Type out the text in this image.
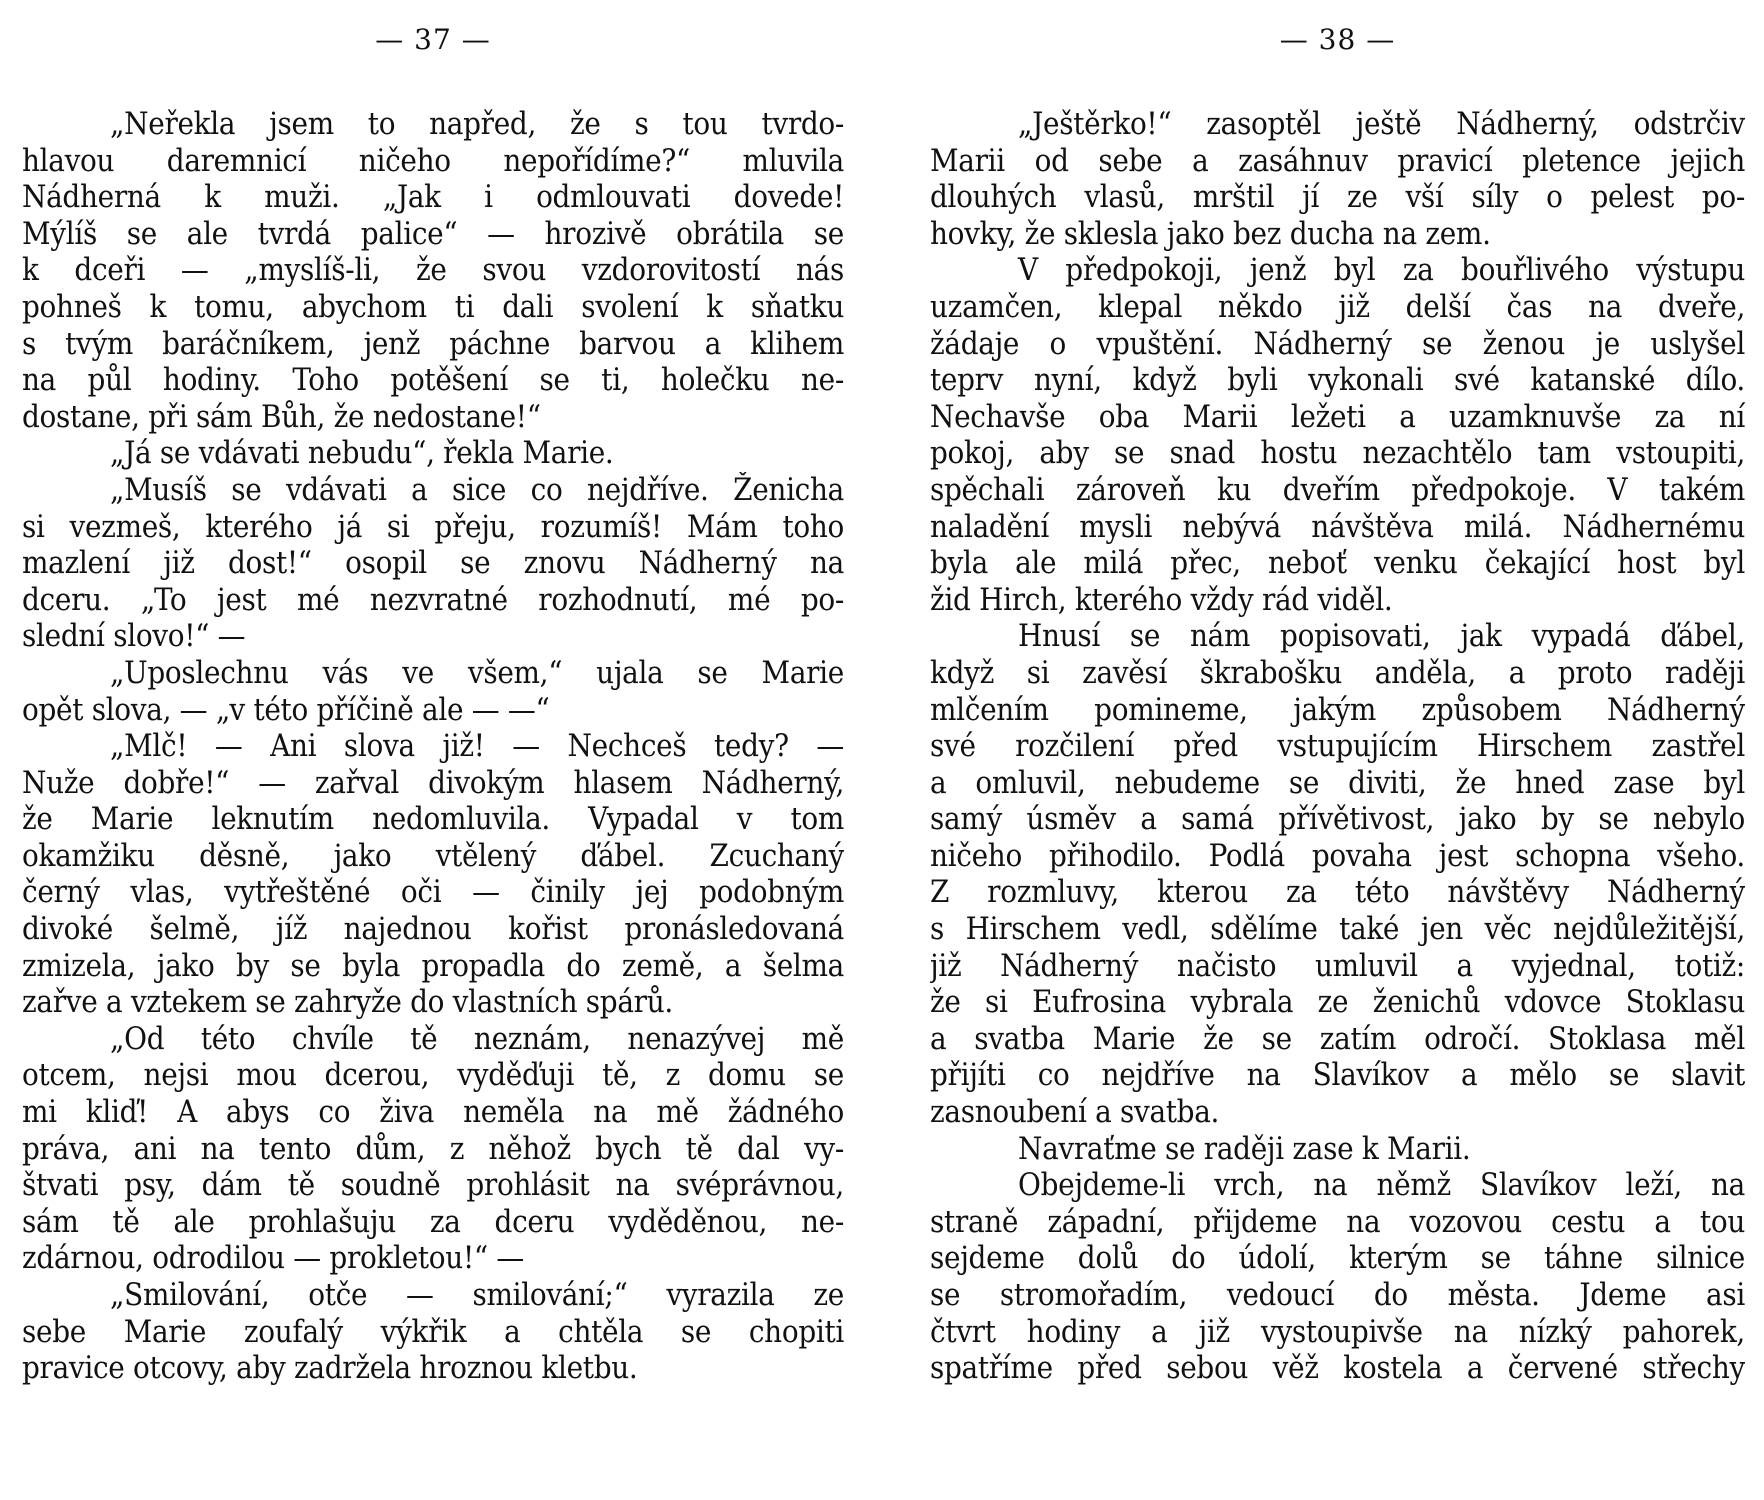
— 37 —
„Neřekla jsem to napřed, že s tou tvrdo-
hlavou daremnicí ničeho nepořídíme?“ mluvila
Nádherná k muži. „Jak i odmlouvati dovede!
Mýlíš se ale tvrdá palice“ — hrozivě obrátila se
k dceři — „myslíš-li, že svou vzdorovitostí nás
pohneš k tomu, abychom ti dali svolení k sňatku
s tvým baráčníkem, jenž páchne barvou a klihem
na půl hodiny. Toho potěšení se ti, holečku ne-
dostane, při sám Bůh, že nedostane!“
„Já se vdávati nebudu“, řekla Marie.
„Musíš se vdávati a sice co nejdříve. Ženicha
si vezmeš, kterého já si přeju, rozumíš! Mám toho
mazlení již dost!“ osopil se znovu Nádherný na
dceru. „To jest mé nezvratné rozhodnutí, mé po-
slední slovo!“ —
„Uposlechnu vás ve všem,“ ujala se Marie
opět slova, — „v této příčině ale — —“
„Mlč! — Ani slova již! — Nechceš tedy? —
Nuže dobře!“ — zařval divokým hlasem Nádherný,
že Marie leknutím nedomluvila. Vypadal v tom
okamžiku děsně, jako vtělený ďábel. Zcuchaný
černý vlas, vytřeštěné oči — činily jej podobným
divoké šelmě, jíž najednou kořist pronásledovaná
zmizela, jako by se byla propadla do země, a šelma
zařve a vztekem se zahryže do vlastních spárů.
„Od této chvíle tě neznám, nenazývej mě
otcem, nejsi mou dcerou, vyděďuji tě, z domu se
mi kliď! A abys co živa neměla na mě žádného
práva, ani na tento dům, z něhož bych tě dal vy-
štvati psy, dám tě soudně prohlásit na svéprávnou,
sám tě ale prohlašuju za dceru vyděděnou, ne-
zdárnou, odrodilou — prokletou!“ —
„Smilování, otče — smilování;“ vyrazila ze
sebe Marie zoufalý výkřik a chtěla se chopiti
pravice otcovy, aby zadržela hroznou kletbu.
— 38 —
„Ještěrko!“ zasoptěl ještě Nádherný, odstrčiv
Marii od sebe a zasáhnuv pravicí pletence jejich
dlouhých vlasů, mrštil jí ze vší síly o pelest po-
hovky, že sklesla jako bez ducha na zem.
V předpokoji, jenž byl za bouřlivého výstupu
uzamčen, klepal někdo již delší čas na dveře,
žádaje o vpuštění. Nádherný se ženou je uslyšel
teprv nyní, když byli vykonali své katanské dílo.
Nechavše oba Marii ležeti a uzamknuvše za ní
pokoj, aby se snad hostu nezachtělo tam vstoupiti,
spěchali zároveň ku dveřím předpokoje. V takém
naladění mysli nebývá návštěva milá. Nádhernému
byla ale milá přec, neboť venku čekající host byl
žid Hirch, kterého vždy rád viděl.
Hnusí se nám popisovati, jak vypadá ďábel,
když si zavěsí škrabošku anděla, a proto raději
mlčením pomineme, jakým způsobem Nádherný
své rozčilení před vstupujícím Hirschem zastřel
a omluvil, nebudeme se diviti, že hned zase byl
samý úsměv a samá přívětivost, jako by se nebylo
ničeho přihodilo. Podlá povaha jest schopna všeho.
Z rozmluvy, kterou za této návštěvy Nádherný
s Hirschem vedl, sdělíme také jen věc nejdůležitější,
již Nádherný načisto umluvil a vyjednal, totiž:
že si Eufrosina vybrala ze ženichů vdovce Stoklasu
a svatba Marie že se zatím odročí. Stoklasa měl
přijíti co nejdříve na Slavíkov a mělo se slavit
zasnoubení a svatba.
Navraťme se raději zase k Marii.
Obejdeme-li vrch, na němž Slavíkov leží, na
straně západní, přijdeme na vozovou cestu a tou
sejdeme dolů do údolí, kterým se táhne silnice
se stromořadím, vedoucí do města. Jdeme asi
čtvrt hodiny a již vystoupivše na nízký pahorek,
spatříme před sebou věž kostela a červené střechy
